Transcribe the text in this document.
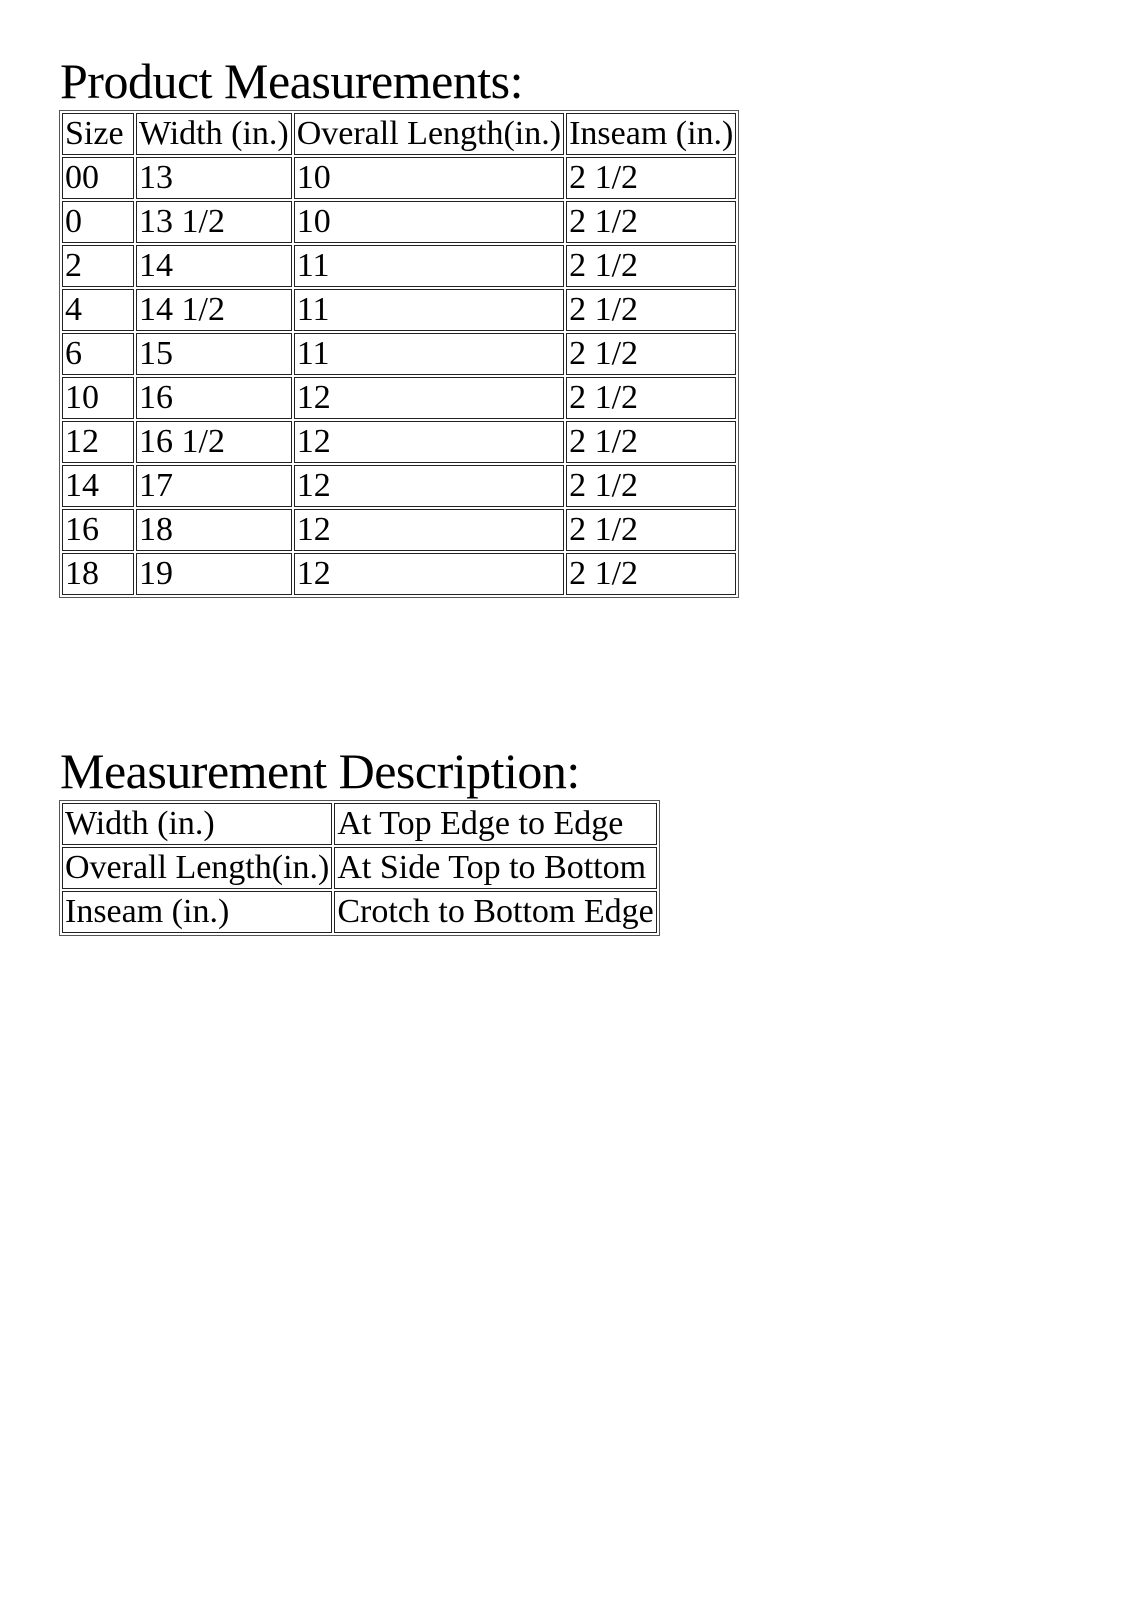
Product Measurements:
Size	Width (in.)	Overall Length(in.)	Inseam (in.)
00	13	10	2 1/2
0	13 1/2	10	2 1/2
2	14	11	2 1/2
4	14 1/2	11	2 1/2
6	15	11	2 1/2
10	16	12	2 1/2
12	16 1/2	12	2 1/2
14	17	12	2 1/2
16	18	12	2 1/2
18	19	12	2 1/2
Measurement Description:
Width (in.)	At Top Edge to Edge
Overall Length(in.)	At Side Top to Bottom
Inseam (in.)	Crotch to Bottom Edge
